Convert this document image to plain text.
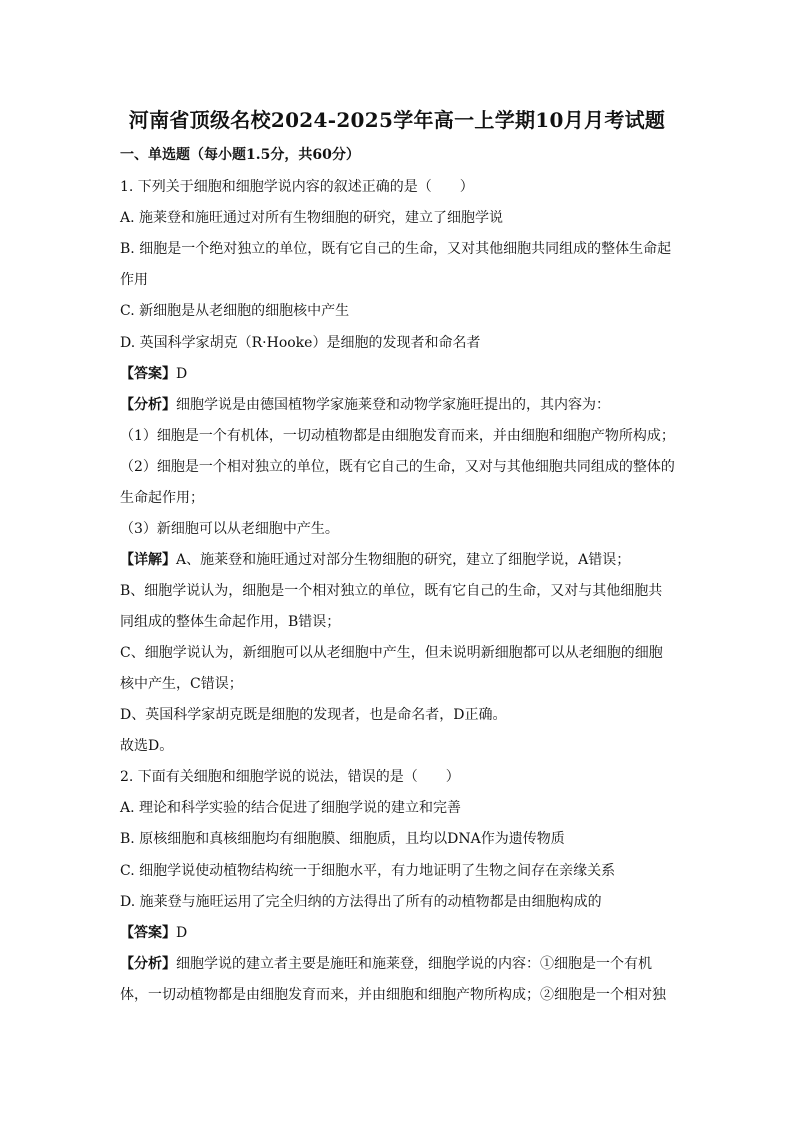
河南省顶级名校2024-2025学年高一上学期10月月考试题
一、单选题（每小题1.5分，共60分）
1. 下列关于细胞和细胞学说内容的叙述正确的是（　　）
A. 施莱登和施旺通过对所有生物细胞的研究，建立了细胞学说
B. 细胞是一个绝对独立的单位，既有它自己的生命，又对其他细胞共同组成的整体生命起
作用
C. 新细胞是从老细胞的细胞核中产生
D. 英国科学家胡克（R·Hooke）是细胞的发现者和命名者
【答案】D
【分析】细胞学说是由德国植物学家施莱登和动物学家施旺提出的，其内容为：
（1）细胞是一个有机体，一切动植物都是由细胞发育而来，并由细胞和细胞产物所构成；
（2）细胞是一个相对独立的单位，既有它自己的生命，又对与其他细胞共同组成的整体的
生命起作用；
（3）新细胞可以从老细胞中产生。
【详解】A、施莱登和施旺通过对部分生物细胞的研究，建立了细胞学说，A错误；
B、细胞学说认为，细胞是一个相对独立的单位，既有它自己的生命，又对与其他细胞共
同组成的整体生命起作用，B错误；
C、细胞学说认为，新细胞可以从老细胞中产生，但未说明新细胞都可以从老细胞的细胞
核中产生，C错误；
D、英国科学家胡克既是细胞的发现者，也是命名者，D正确。
故选D。
2. 下面有关细胞和细胞学说的说法，错误的是（　　）
A. 理论和科学实验的结合促进了细胞学说的建立和完善
B. 原核细胞和真核细胞均有细胞膜、细胞质，且均以DNA作为遗传物质
C. 细胞学说使动植物结构统一于细胞水平，有力地证明了生物之间存在亲缘关系
D. 施莱登与施旺运用了完全归纳的方法得出了所有的动植物都是由细胞构成的
【答案】D
【分析】细胞学说的建立者主要是施旺和施莱登，细胞学说的内容：①细胞是一个有机
体，一切动植物都是由细胞发育而来，并由细胞和细胞产物所构成；②细胞是一个相对独
